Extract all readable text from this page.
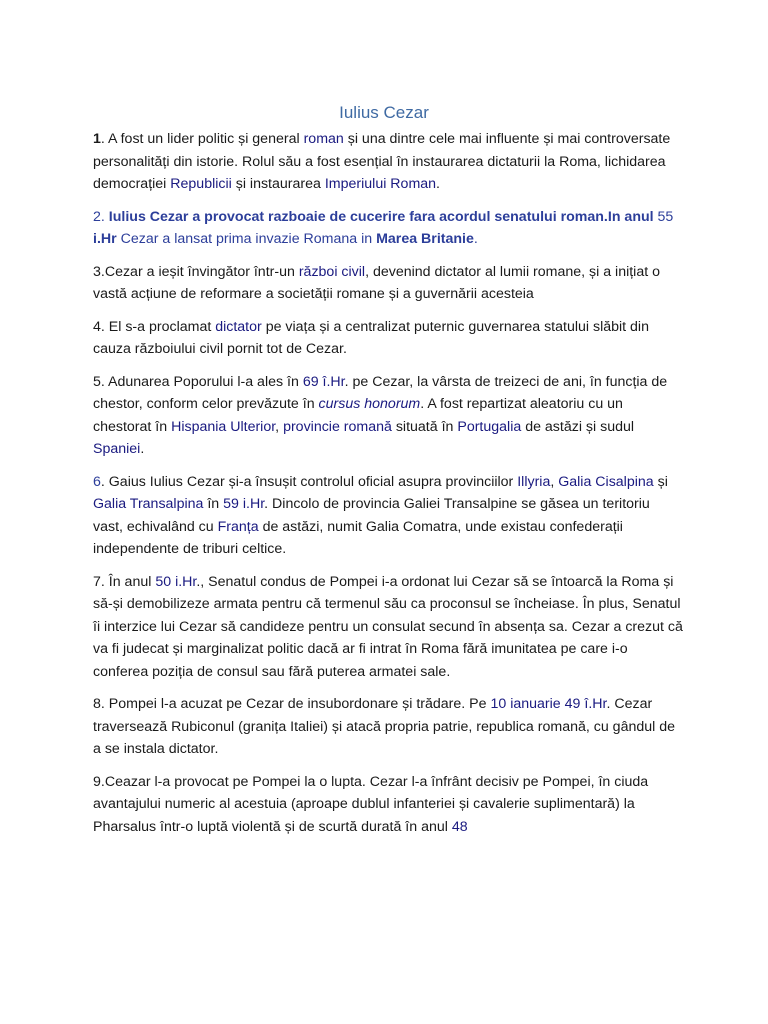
Iulius Cezar

1. A fost un lider politic și general roman și una dintre cele mai influente și mai controversate personalități din istorie. Rolul său a fost esențial în instaurarea dictaturii la Roma, lichidarea democrației Republicii și instaurarea Imperiului Roman.

2. Iulius Cezar a provocat razboaie de cucerire fara acordul senatului roman.In anul 55 i.Hr Cezar a lansat prima invazie Romana in Marea Britanie.

3.Cezar a ieșit învingător într-un război civil, devenind dictator al lumii romane, și a inițiat o vastă acțiune de reformare a societății romane și a guvernării acesteia

4. El s-a proclamat dictator pe viața și a centralizat puternic guvernarea statului slăbit din cauza războiului civil pornit tot de Cezar.

5. Adunarea Poporului l-a ales în 69 î.Hr. pe Cezar, la vârsta de treizeci de ani, în funcția de chestor, conform celor prevăzute în cursus honorum. A fost repartizat aleatoriu cu un chestorat în Hispania Ulterior, provincie romană situată în Portugalia de astăzi și sudul Spaniei.

6. Gaius Iulius Cezar și-a însușit controlul oficial asupra provinciilor Illyria, Galia Cisalpina și Galia Transalpina în 59 i.Hr. Dincolo de provincia Galiei Transalpine se găsea un teritoriu vast, echivalând cu Franța de astăzi, numit Galia Comatra, unde existau confederații independente de triburi celtice.

7. În anul 50 i.Hr., Senatul condus de Pompei i-a ordonat lui Cezar să se întoarcă la Roma și să-și demobilizeze armata pentru că termenul său ca proconsul se încheiase. În plus, Senatul îi interzice lui Cezar să candideze pentru un consulat secund în absența sa. Cezar a crezut că va fi judecat și marginalizat politic dacă ar fi intrat în Roma fără imunitatea pe care i-o conferea poziția de consul sau fără puterea armatei sale.

8. Pompei l-a acuzat pe Cezar de insubordonare și trădare. Pe 10 ianuarie 49 î.Hr. Cezar traversează Rubiconul (granița Italiei) și atacă propria patrie, republica romană, cu gândul de a se instala dictator.

9.Ceazar l-a provocat pe Pompei la o lupta. Cezar l-a înfrânt decisiv pe Pompei, în ciuda avantajului numeric al acestuia (aproape dublul infanteriei și cavalerie suplimentară) la Pharsalus într-o luptă violentă și de scurtă durată în anul 48
